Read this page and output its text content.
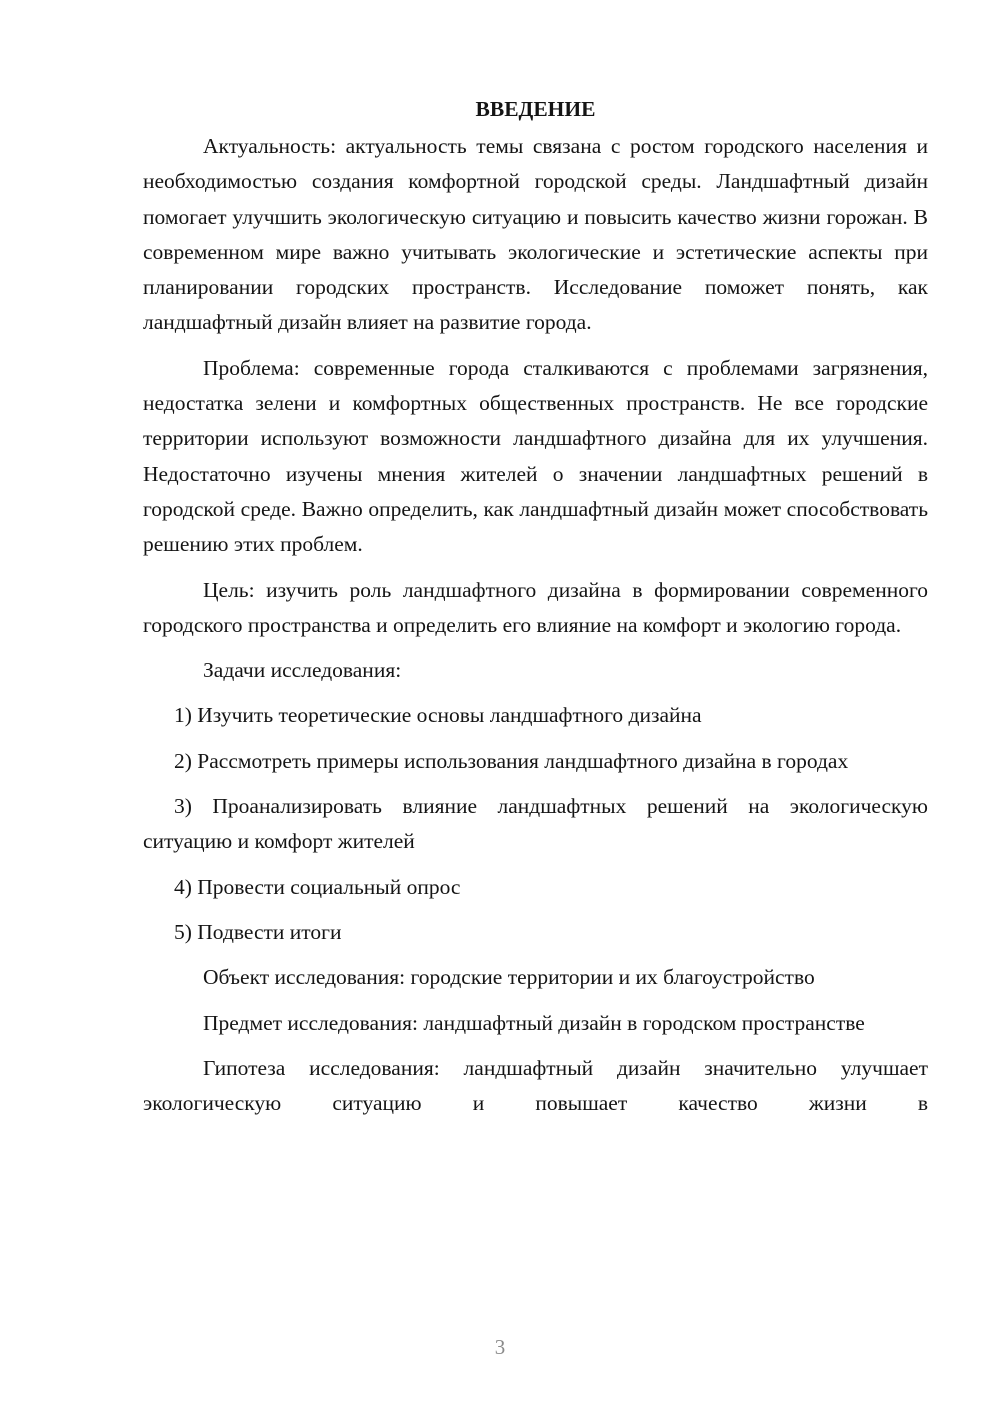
ВВЕДЕНИЕ
Актуальность: актуальность темы связана с ростом городского населения и необходимостью создания комфортной городской среды. Ландшафтный дизайн помогает улучшить экологическую ситуацию и повысить качество жизни горожан. В современном мире важно учитывать экологические и эстетические аспекты при планировании городских пространств. Исследование поможет понять, как ландшафтный дизайн влияет на развитие города.
Проблема: современные города сталкиваются с проблемами загрязнения, недостатка зелени и комфортных общественных пространств. Не все городские территории используют возможности ландшафтного дизайна для их улучшения. Недостаточно изучены мнения жителей о значении ландшафтных решений в городской среде. Важно определить, как ландшафтный дизайн может способствовать решению этих проблем.
Цель: изучить роль ландшафтного дизайна в формировании современного городского пространства и определить его влияние на комфорт и экологию города.
Задачи исследования:
1) Изучить теоретические основы ландшафтного дизайна
2) Рассмотреть примеры использования ландшафтного дизайна в городах
3) Проанализировать влияние ландшафтных решений на экологическую ситуацию и комфорт жителей
4) Провести социальный опрос
5) Подвести итоги
Объект исследования: городские территории и их благоустройство
Предмет исследования: ландшафтный дизайн в городском пространстве
Гипотеза исследования: ландшафтный дизайн значительно улучшает экологическую ситуацию и повышает качество жизни в
3
